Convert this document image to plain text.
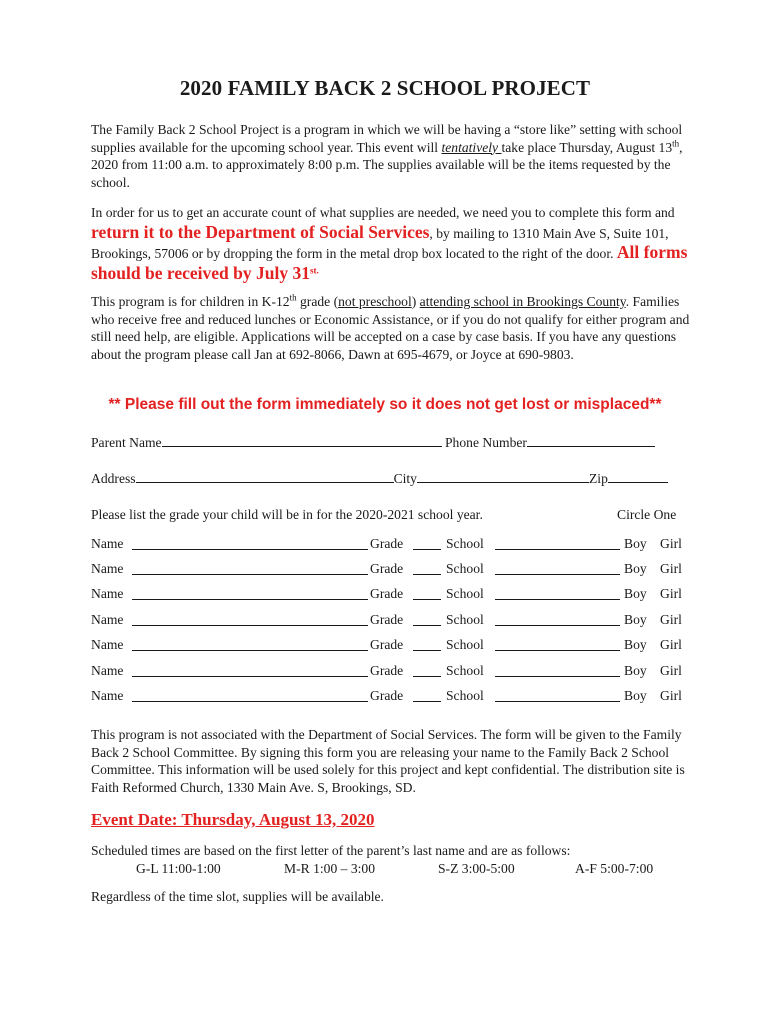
2020 FAMILY BACK 2 SCHOOL PROJECT
The Family Back 2 School Project is a program in which we will be having a “store like” setting with school supplies available for the upcoming school year. This event will tentatively take place Thursday, August 13th, 2020 from 11:00 a.m. to approximately 8:00 p.m. The supplies available will be the items requested by the school.
In order for us to get an accurate count of what supplies are needed, we need you to complete this form and return it to the Department of Social Services, by mailing to 1310 Main Ave S, Suite 101, Brookings, 57006 or by dropping the form in the metal drop box located to the right of the door. All forms should be received by July $31^{st.}$
This program is for children in K-12th grade (not preschool) attending school in Brookings County. Families who receive free and reduced lunches or Economic Assistance, or if you do not qualify for either program and still need help, are eligible. Applications will be accepted on a case by case basis. If you have any questions about the program please call Jan at 692-8066, Dawn at 695-4679, or Joyce at 690-9803.
** Please fill out the form immediately so it does not get lost or misplaced**
Parent Name	Phone Number
Address	City	Zip
Please list the grade your child will be in for the 2020-2021 school year.	Circle One
Name	Grade	School	Boy Girl
Name	Grade	School	Boy Girl
Name	Grade	School	Boy Girl
Name	Grade	School	Boy Girl
Name	Grade	School	Boy Girl
Name	Grade	School	Boy Girl
Name	Grade	School	Boy Girl
This program is not associated with the Department of Social Services. The form will be given to the Family Back 2 School Committee. By signing this form you are releasing your name to the Family Back 2 School Committee. This information will be used solely for this project and kept confidential. The distribution site is Faith Reformed Church, 1330 Main Ave. S, Brookings, SD.
Event Date: Thursday, August 13, 2020
Scheduled times are based on the first letter of the parent’s last name and are as follows:
G-L 11:00-1:00	M-R 1:00 – 3:00	S-Z 3:00-5:00	A-F 5:00-7:00
Regardless of the time slot, supplies will be available.
